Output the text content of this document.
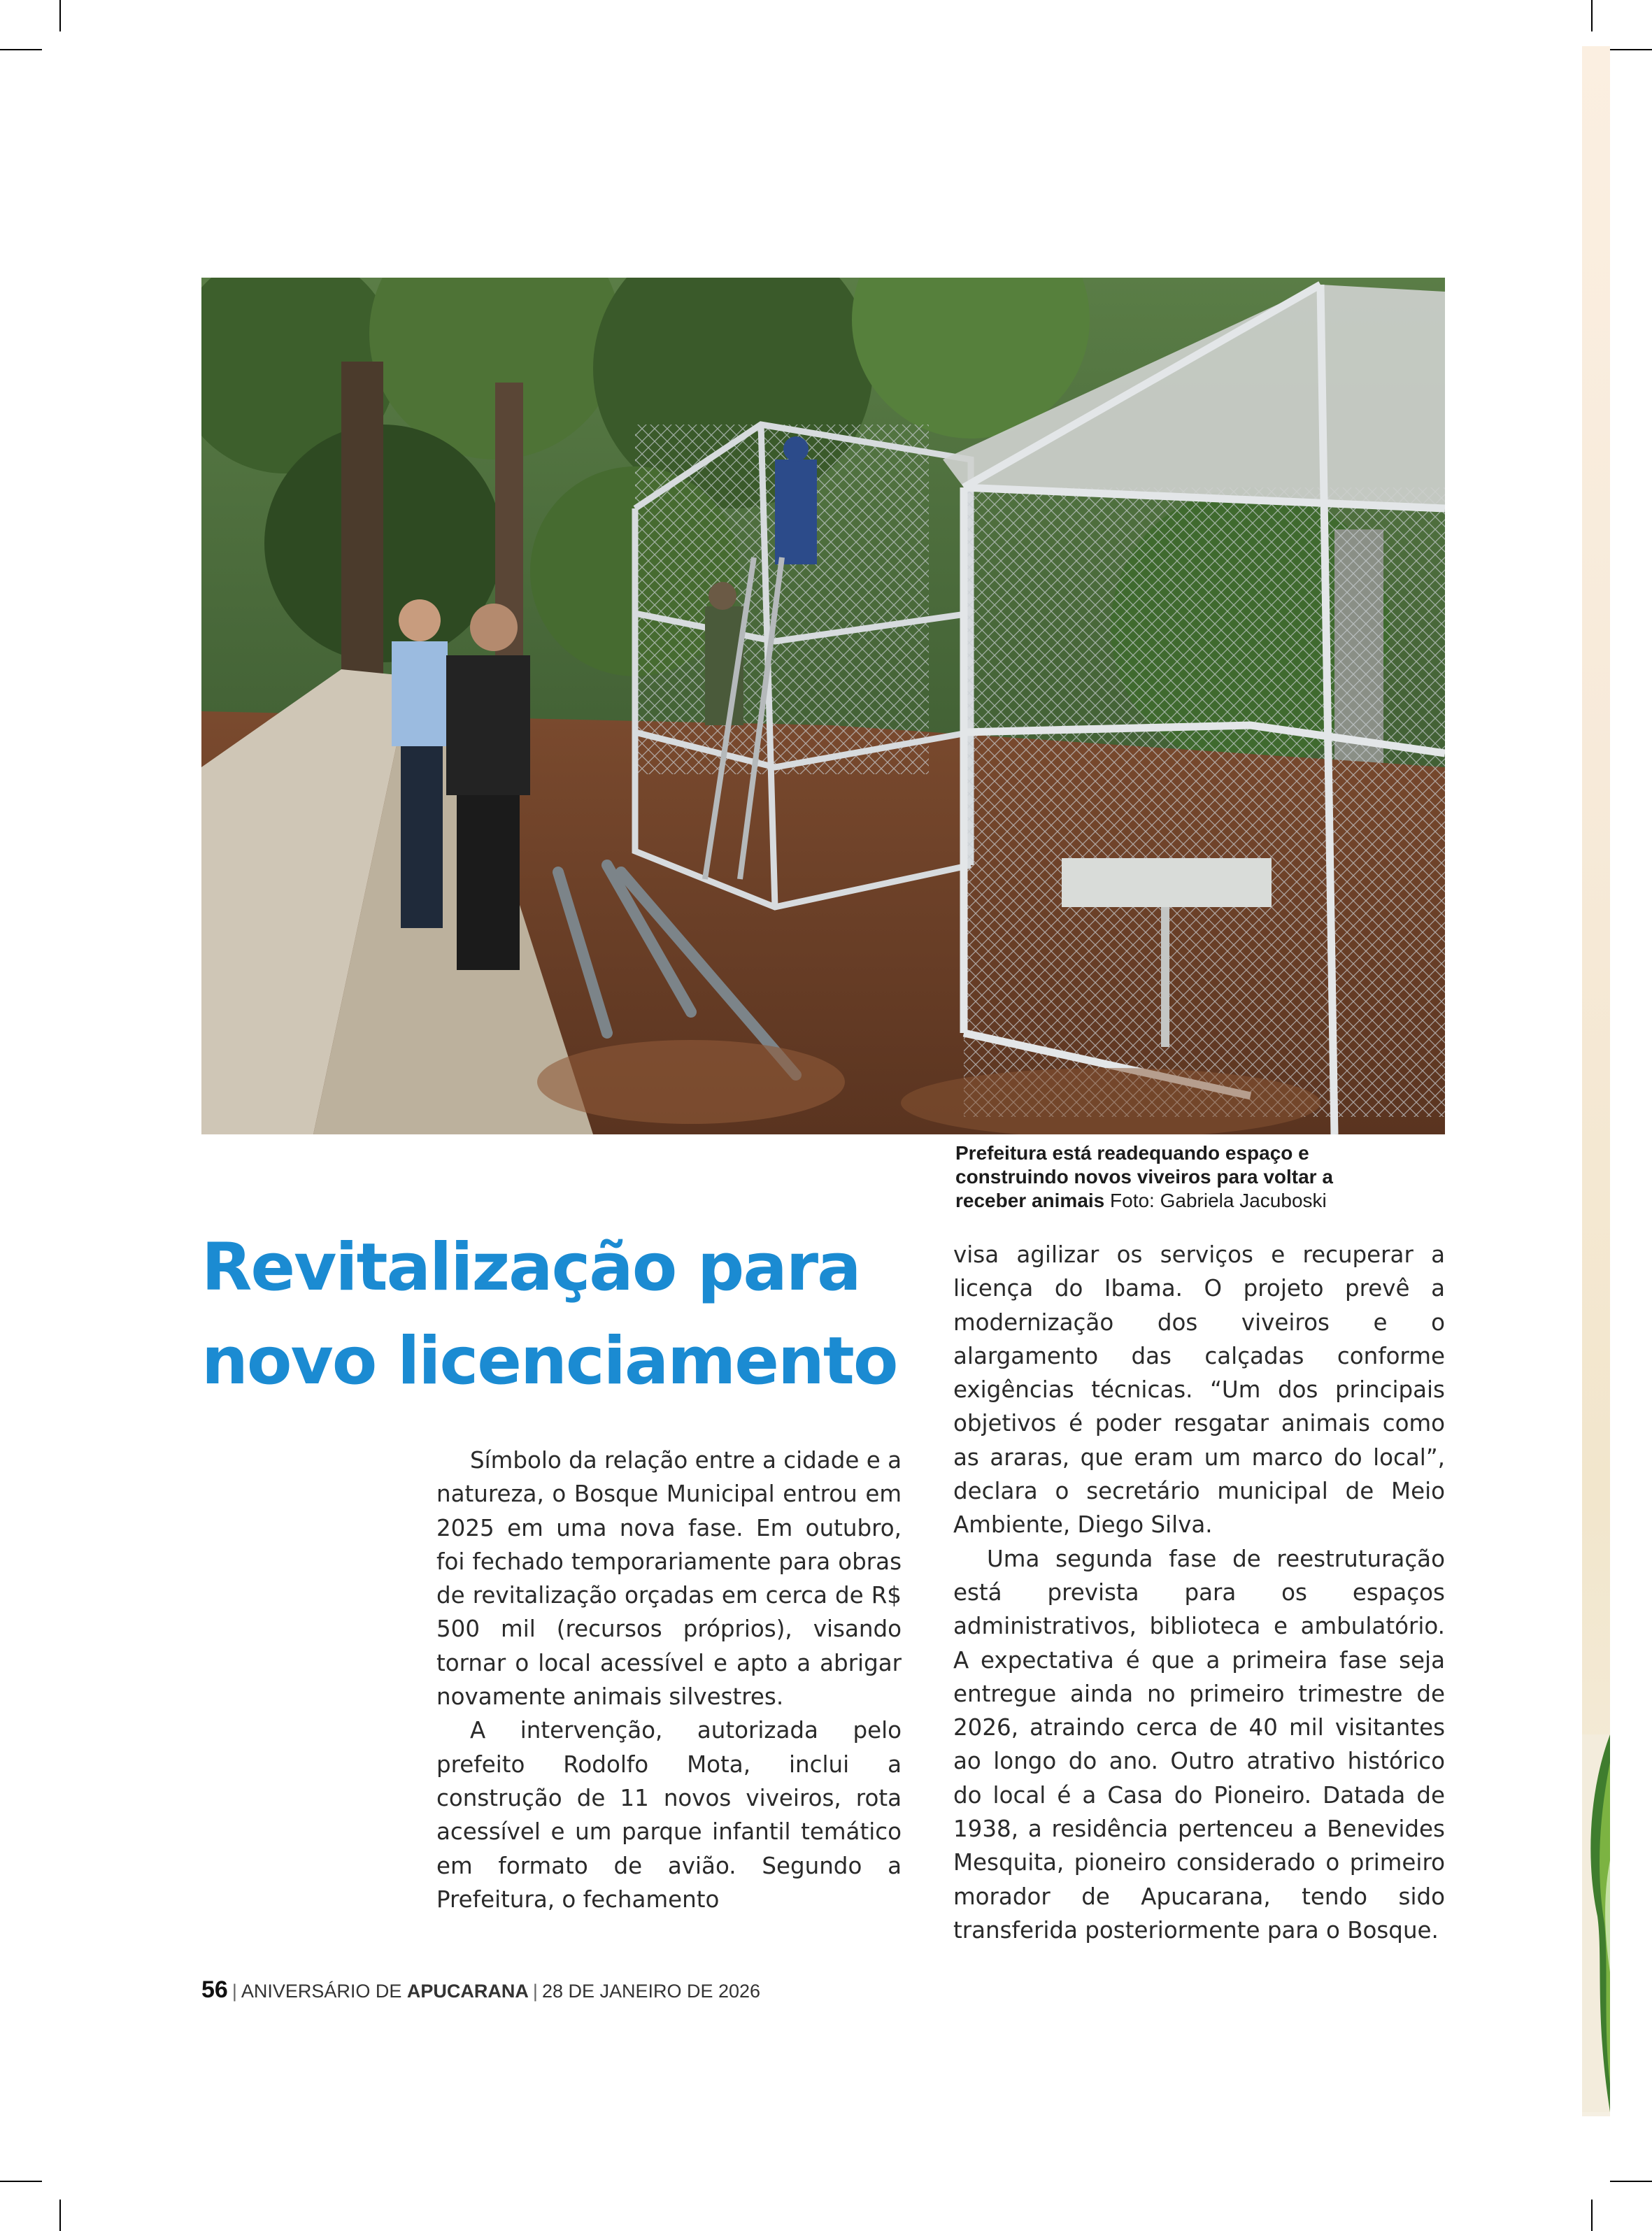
Prefeitura está readequando espaço e construindo novos viveiros para voltar a receber animais Foto: Gabriela Jacuboski
Revitalização para
novo licenciamento

Símbolo da relação entre a cidade e a natureza, o Bosque Municipal entrou em 2025 em uma nova fase. Em outubro, foi fechado temporariamente para obras de revitalização orçadas em cerca de R$ 500 mil (recursos próprios), visando tornar o local acessível e apto a abrigar novamente animais silvestres.

A intervenção, autorizada pelo prefeito Rodolfo Mota, inclui a construção de 11 novos viveiros, rota acessível e um parque infantil temático em formato de avião. Segundo a Prefeitura, o fechamento

visa agilizar os serviços e recuperar a licença do Ibama. O projeto prevê a modernização dos viveiros e o alargamento das calçadas conforme exigências técnicas. “Um dos principais objetivos é poder resgatar animais como as araras, que eram um marco do local”, declara o secretário municipal de Meio Ambiente, Diego Silva.

Uma segunda fase de reestruturação está prevista para os espaços administrativos, biblioteca e ambulatório. A expectativa é que a primeira fase seja entregue ainda no primeiro trimestre de 2026, atraindo cerca de 40 mil visitantes ao longo do ano. Outro atrativo histórico do local é a Casa do Pioneiro. Datada de 1938, a residência pertenceu a Benevides Mesquita, pioneiro considerado o primeiro morador de Apucarana, tendo sido transferida posteriormente para o Bosque.

56 | ANIVERSÁRIO DE APUCARANA | 28 DE JANEIRO DE 2026
